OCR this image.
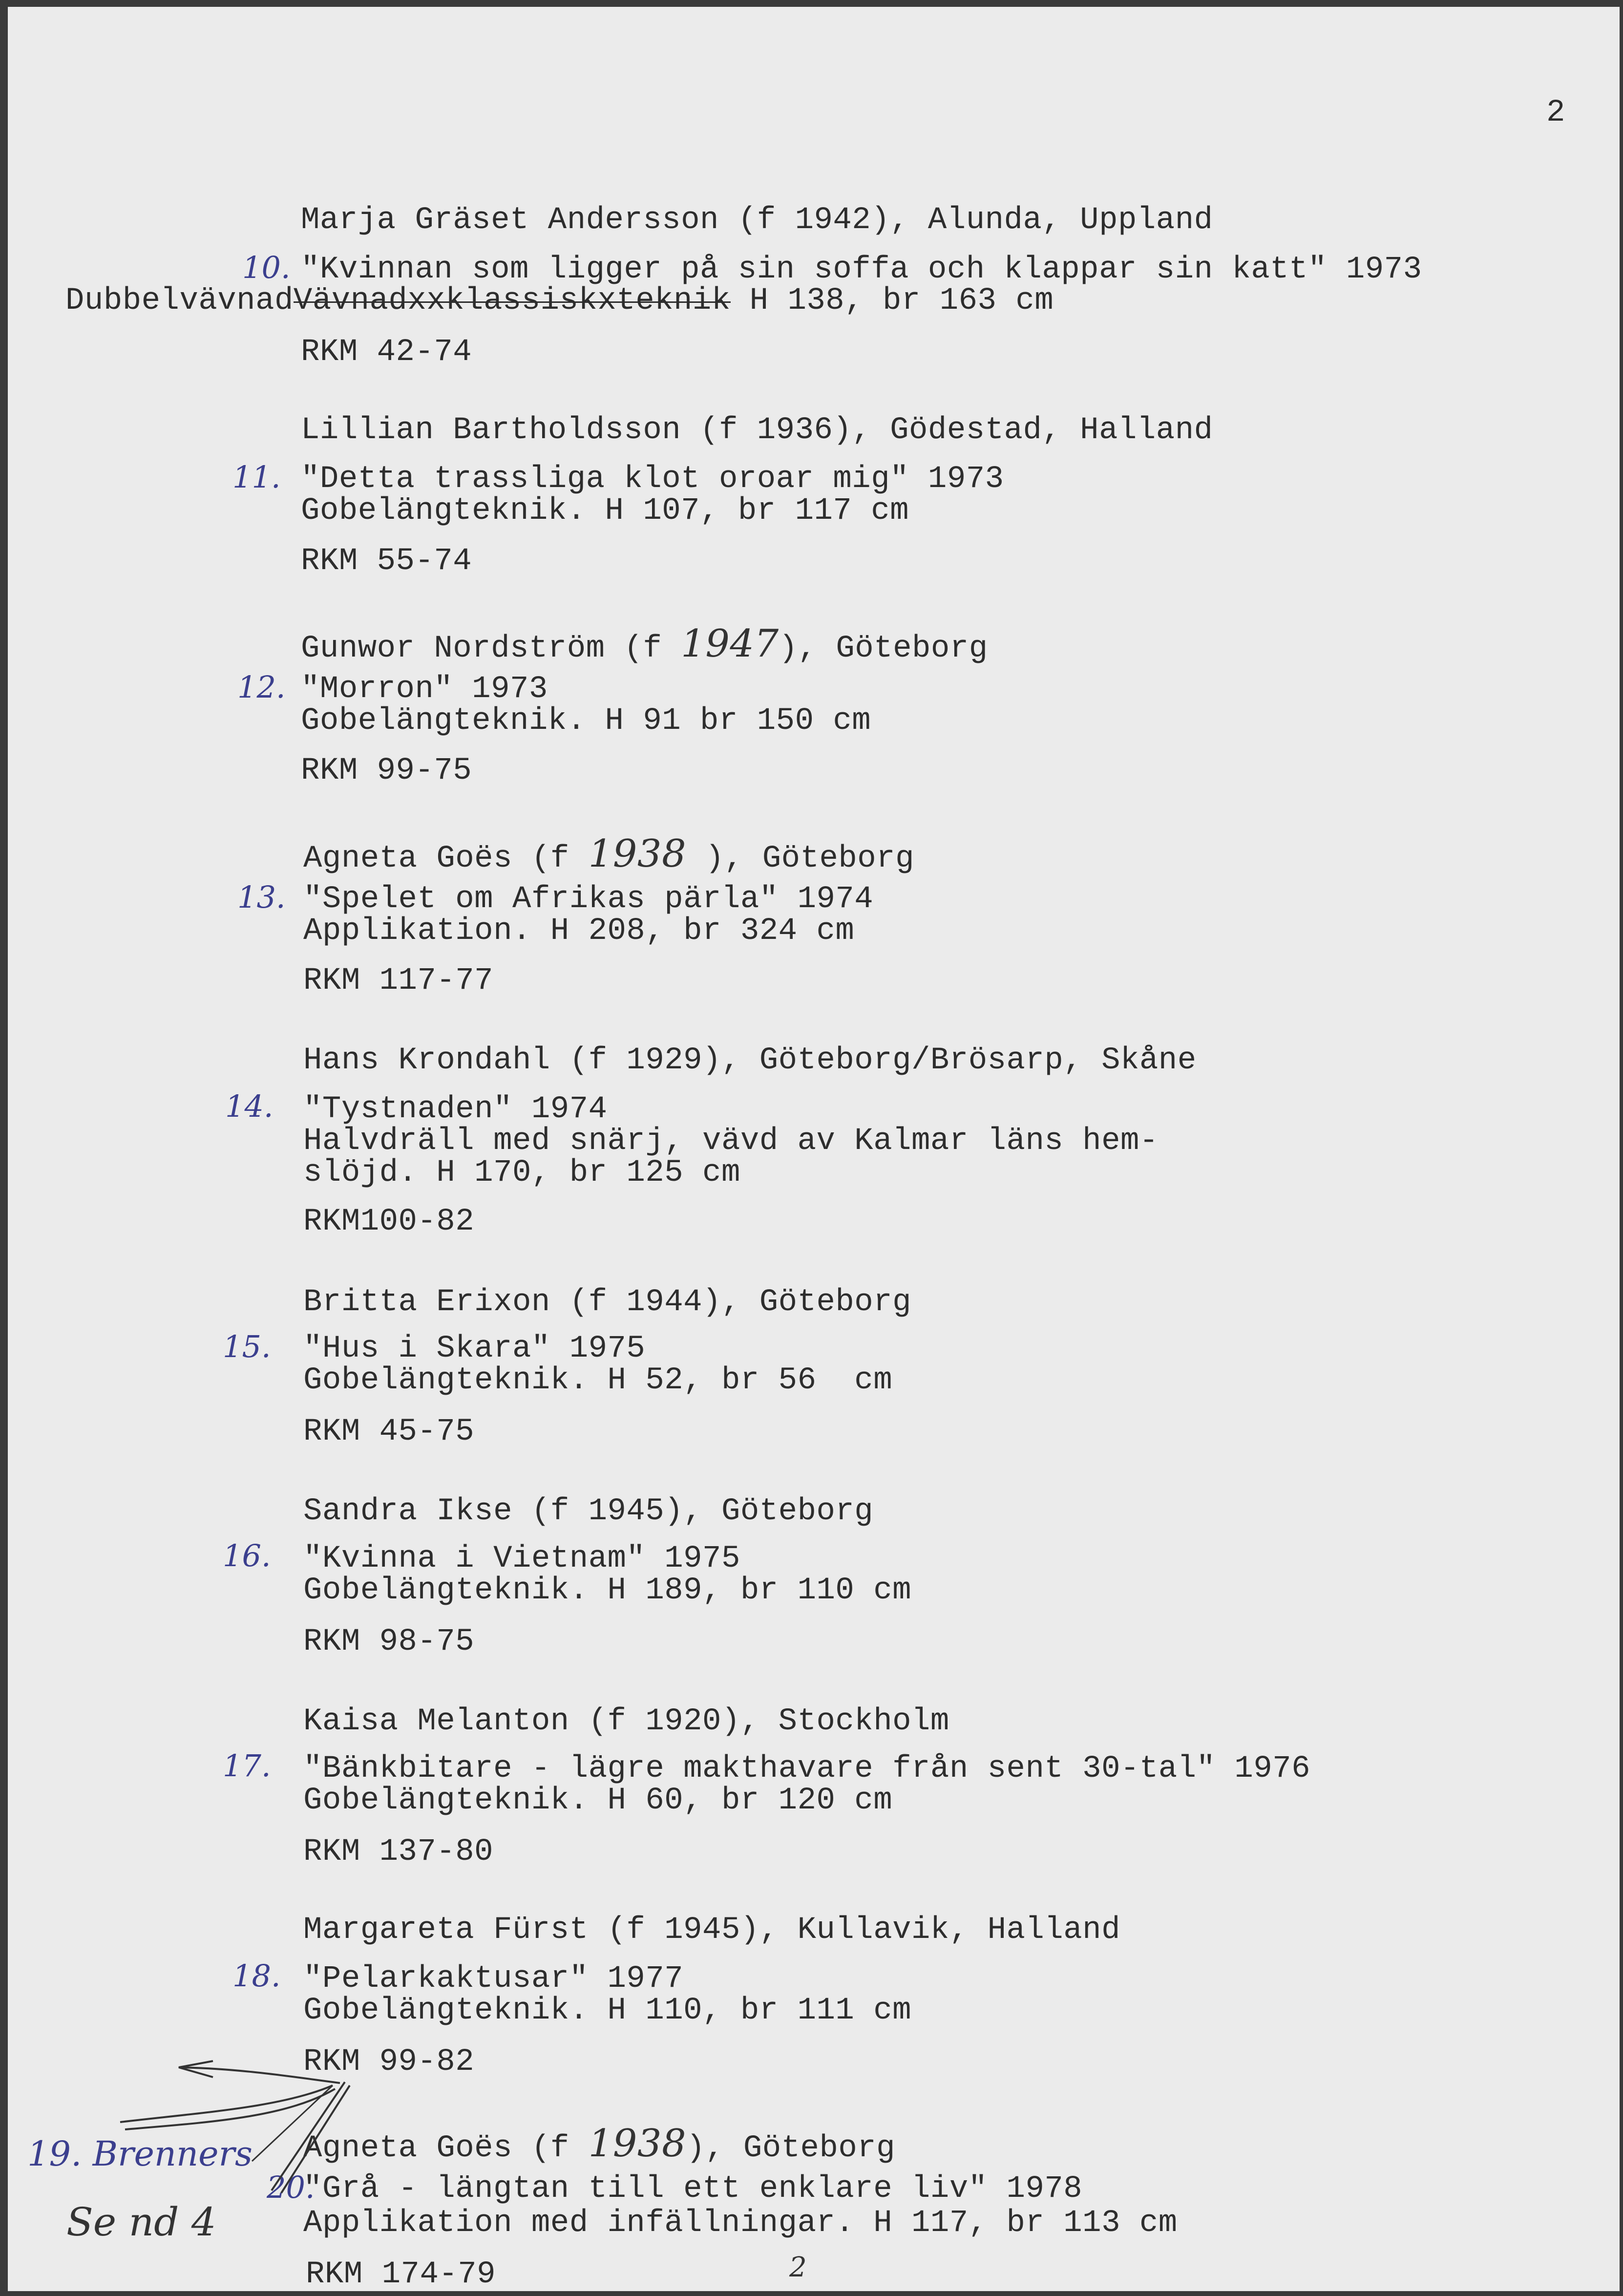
2

10.

Marja Gräset Andersson (f 1942), Alunda, Uppland

"Kvinnan som ligger på sin soffa och klappar sin katt" 1973

DubbelvävnadVävnadxxklassiskxteknik
H 138, br 163 cm

RKM 42-74

Lillian Bartholdsson (f 1936), Gödestad, Halland

11. "Detta trassliga klot oroar mig" 1973

Gobelängteknik. H 107, br 117 cm

RKM 55-74

Gunwor Nordström (f 1947), Göteborg

12. "Morron" 1973

Gobelängteknik. H 91 br 150 cm

RKM 99-75

Agneta Goës (f 1938 ), Göteborg

13. "Spelet om Afrikas pärla" 1974

Applikation. H 208, br 324 cm

RKM 117-77

Hans Krondahl (f 1929), Göteborg/Brösarp, Skåne

14. "Tystnaden" 1974

Halvdräll med snärj, vävd av Kalmar läns hem-

slöjd. H 170, br 125 cm

RKM100-82

Britta Erixon (f 1944), Göteborg

15. "Hus i Skara" 1975

Gobelängteknik. H 52, br 56  cm

RKM 45-75

Sandra Ikse (f 1945), Göteborg

16. "Kvinna i Vietnam" 1975

Gobelängteknik. H 189, br 110 cm

RKM 98-75

Kaisa Melanton (f 1920), Stockholm

17. "Bänkbitare - lägre makthavare från sent 30-tal" 1976

Gobelängteknik. H 60, br 120 cm

RKM 137-80

Margareta Fürst (f 1945), Kullavik, Halland

18. "Pelarkaktusar" 1977

Gobelängteknik. H 110, br 111 cm

RKM 99-82

Agneta Goës (f 1938), Göteborg

20.

"Grå - längtan till ett enklare liv" 1978

Applikation med infällningar. H 117, br 113 cm

RKM 174-79

19. Brenners

Se nd 4

2
